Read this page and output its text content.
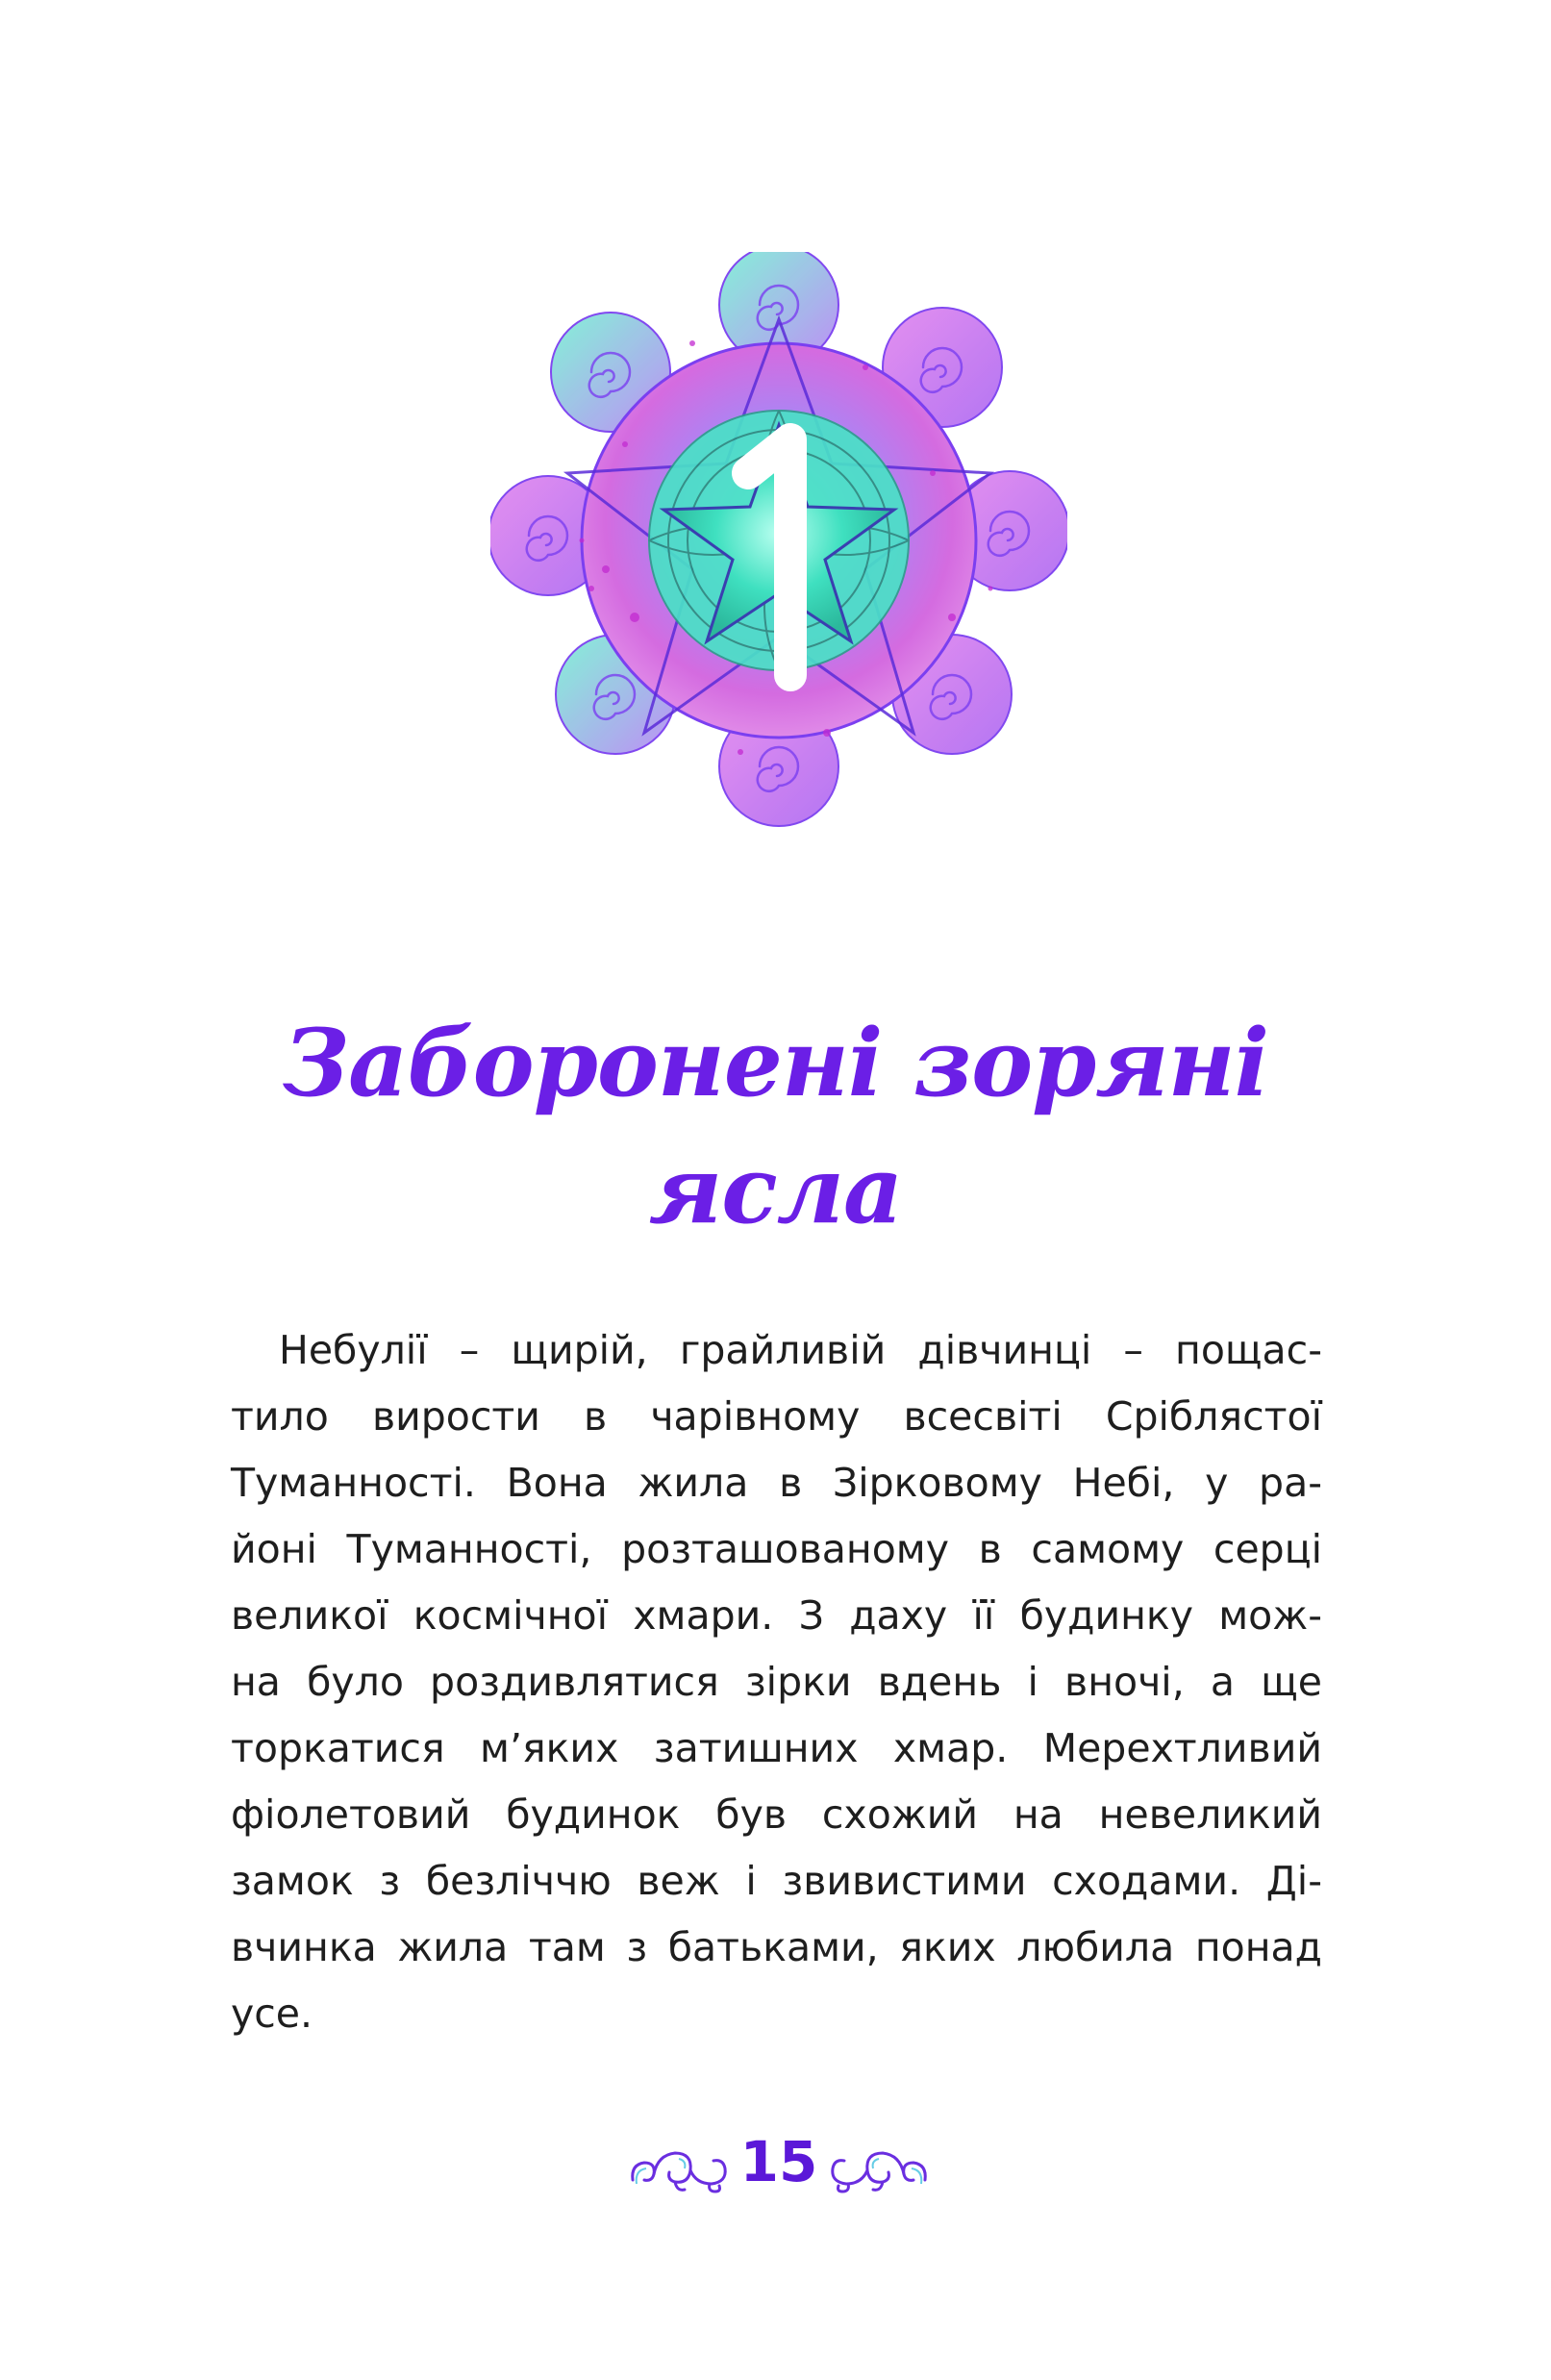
1
Заборонені зоряні
ясла

Небулії – щирій, грайливій дівчинці – пощас-
тило вирости в чарівному всесвіті Сріблястої
Туманності. Вона жила в Зірковому Небі, у ра-
йоні Туманності, розташованому в самому серці
великої космічної хмари. З даху її будинку мож-
на було роздивлятися зірки вдень і вночі, а ще
торкатися м’яких затишних хмар. Мерехтливий
фіолетовий будинок був схожий на невеликий
замок з безліччю веж і звивистими сходами. Ді-
вчинка жила там з батьками, яких любила понад
усе.

15
